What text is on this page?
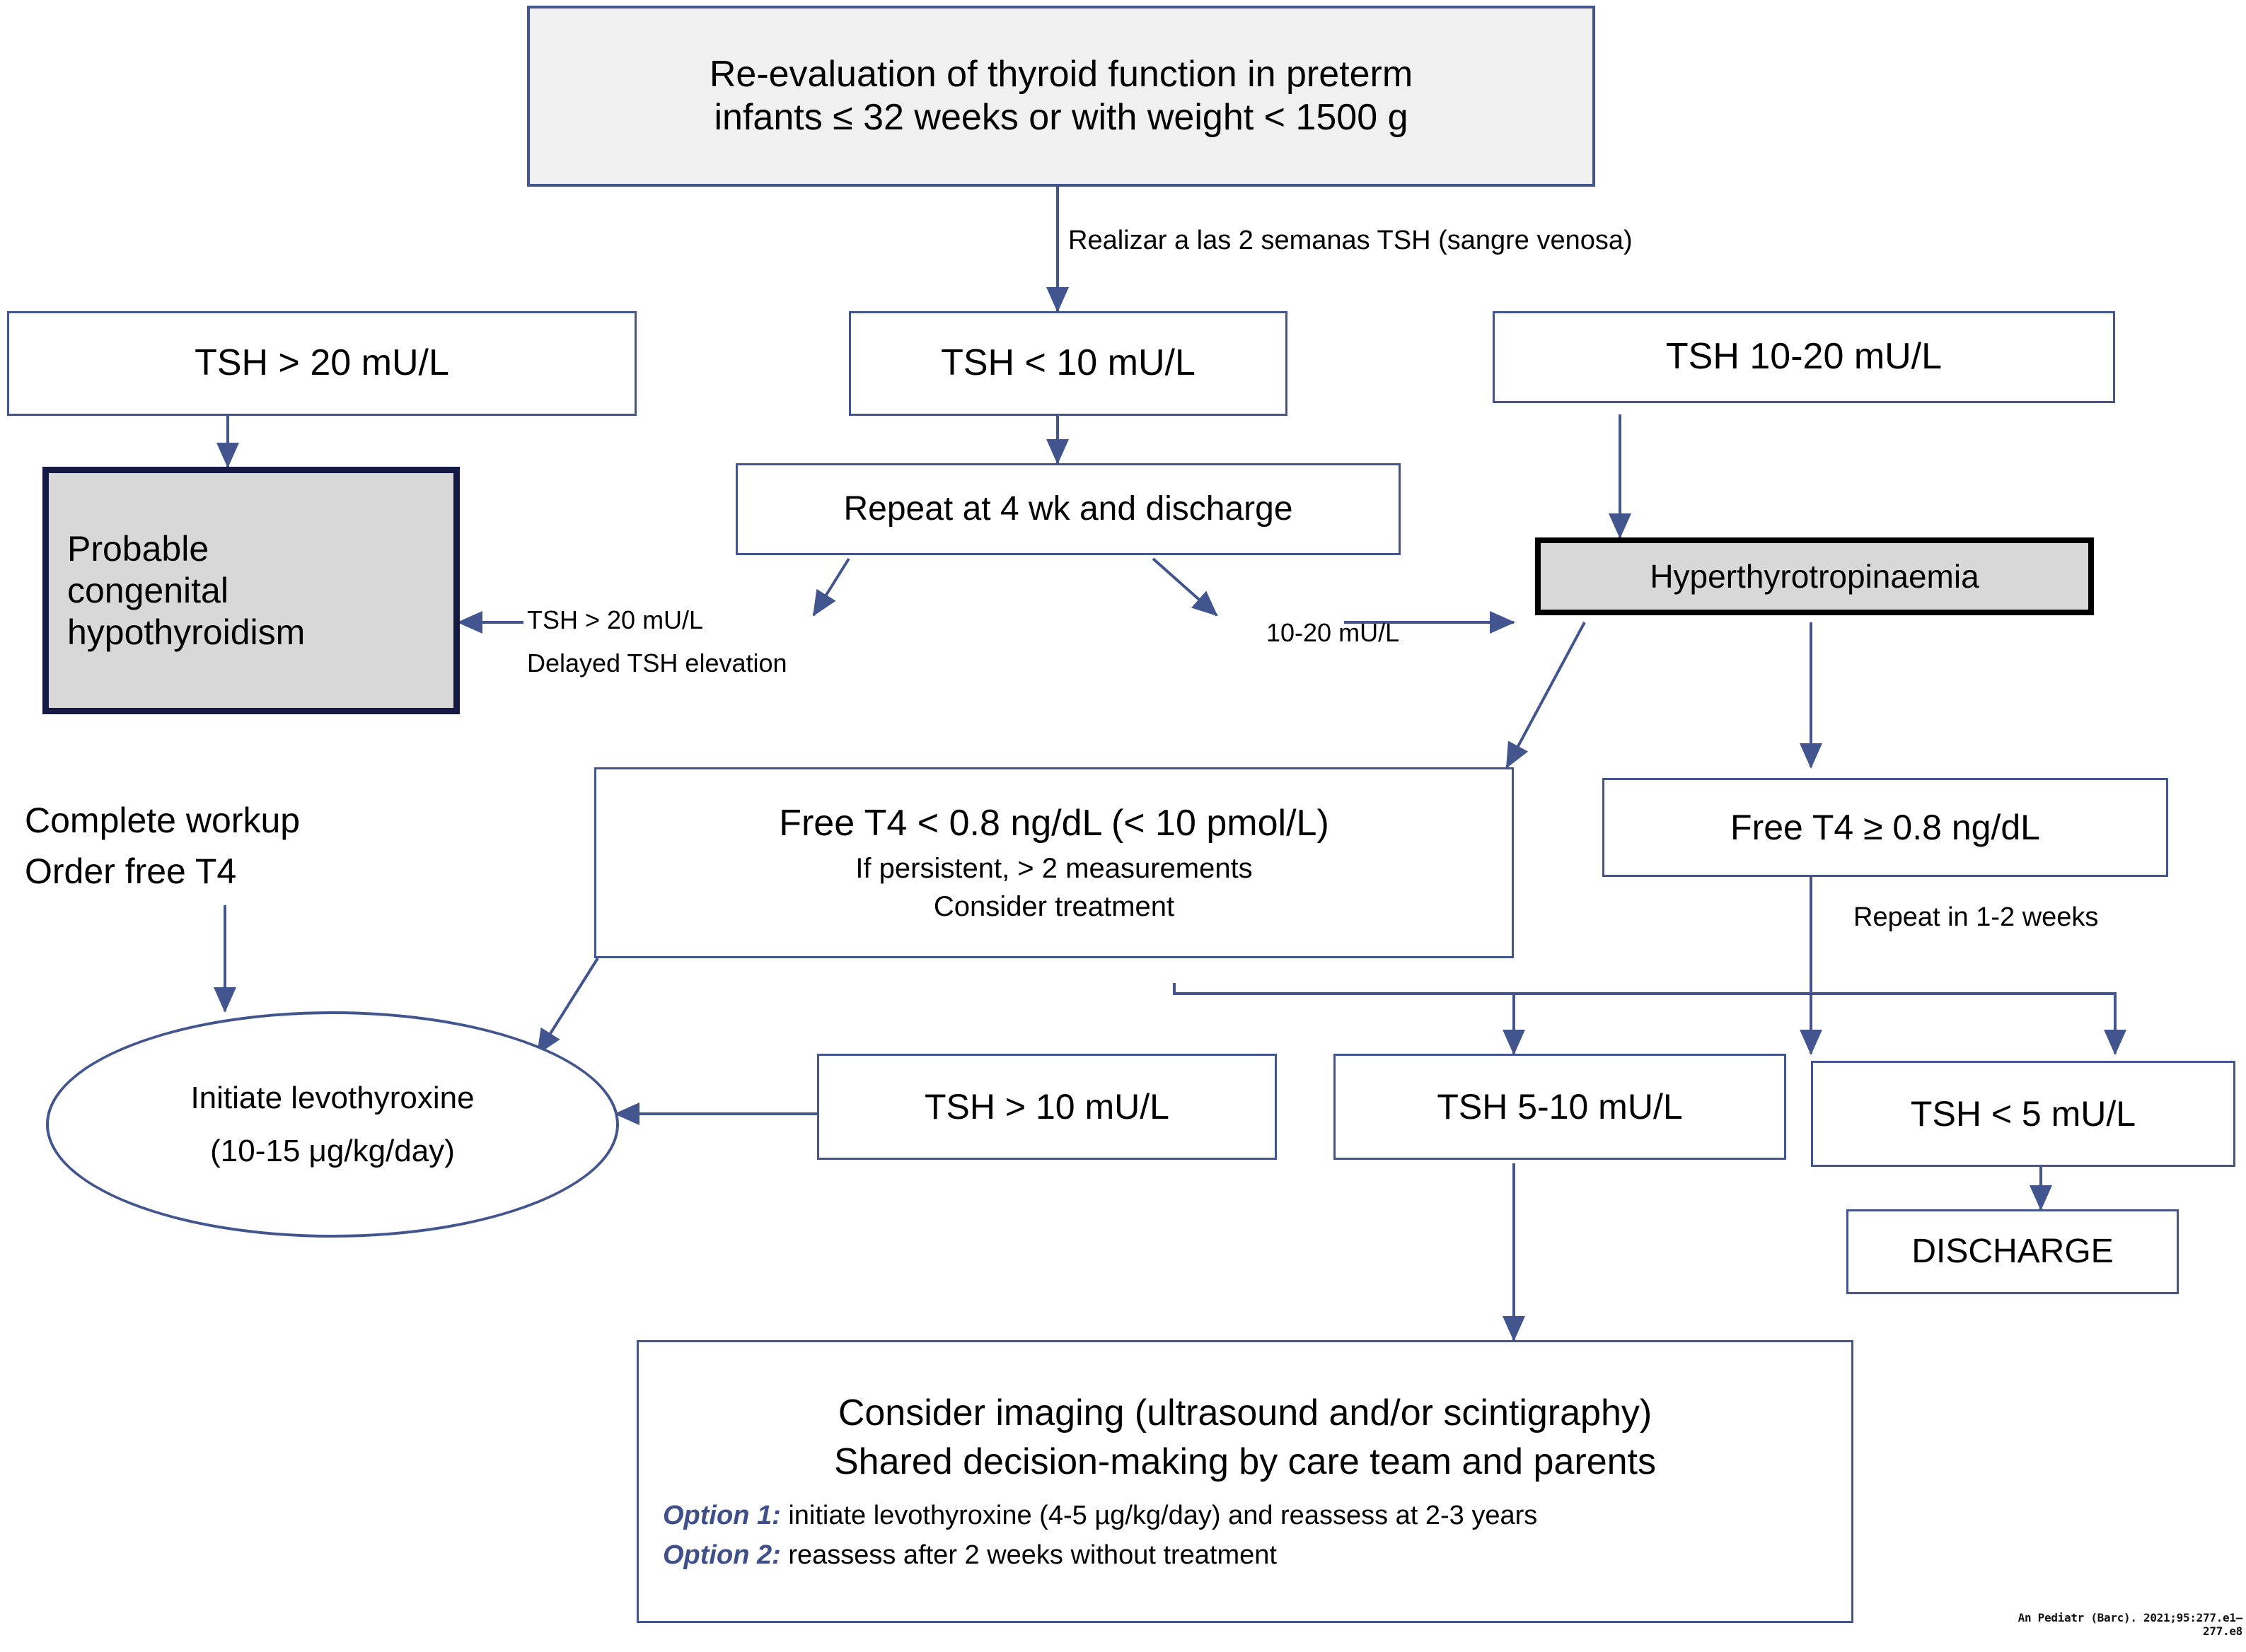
Re-evaluation of thyroid function in preterm
infants ≤ 32 weeks or with weight < 1500 g
Realizar a las 2 semanas TSH (sangre venosa)
TSH > 20 mU/L	TSH < 10 mU/L	TSH 10-20 mU/L
Probable
congenital
hypothyroidism
Repeat at 4 wk and discharge
TSH > 20 mU/L
Delayed TSH elevation
10-20 mU/L
Hyperthyrotropinaemia
Complete workup
Order free T4
Free T4 < 0.8 ng/dL (< 10 pmol/L)
If persistent, > 2 measurements
Consider treatment
Free T4 ≥ 0.8 ng/dL
Repeat in 1-2 weeks
Initiate levothyroxine
(10-15 μg/kg/day)
TSH > 10 mU/L	TSH 5-10 mU/L	TSH < 5 mU/L
DISCHARGE
Consider imaging (ultrasound and/or scintigraphy)
Shared decision-making by care team and parents
Option 1: initiate levothyroxine (4-5 µg/kg/day) and reassess at 2-3 years
Option 2: reassess after 2 weeks without treatment
An Pediatr (Barc). 2021;95:277.e1–277.e8
